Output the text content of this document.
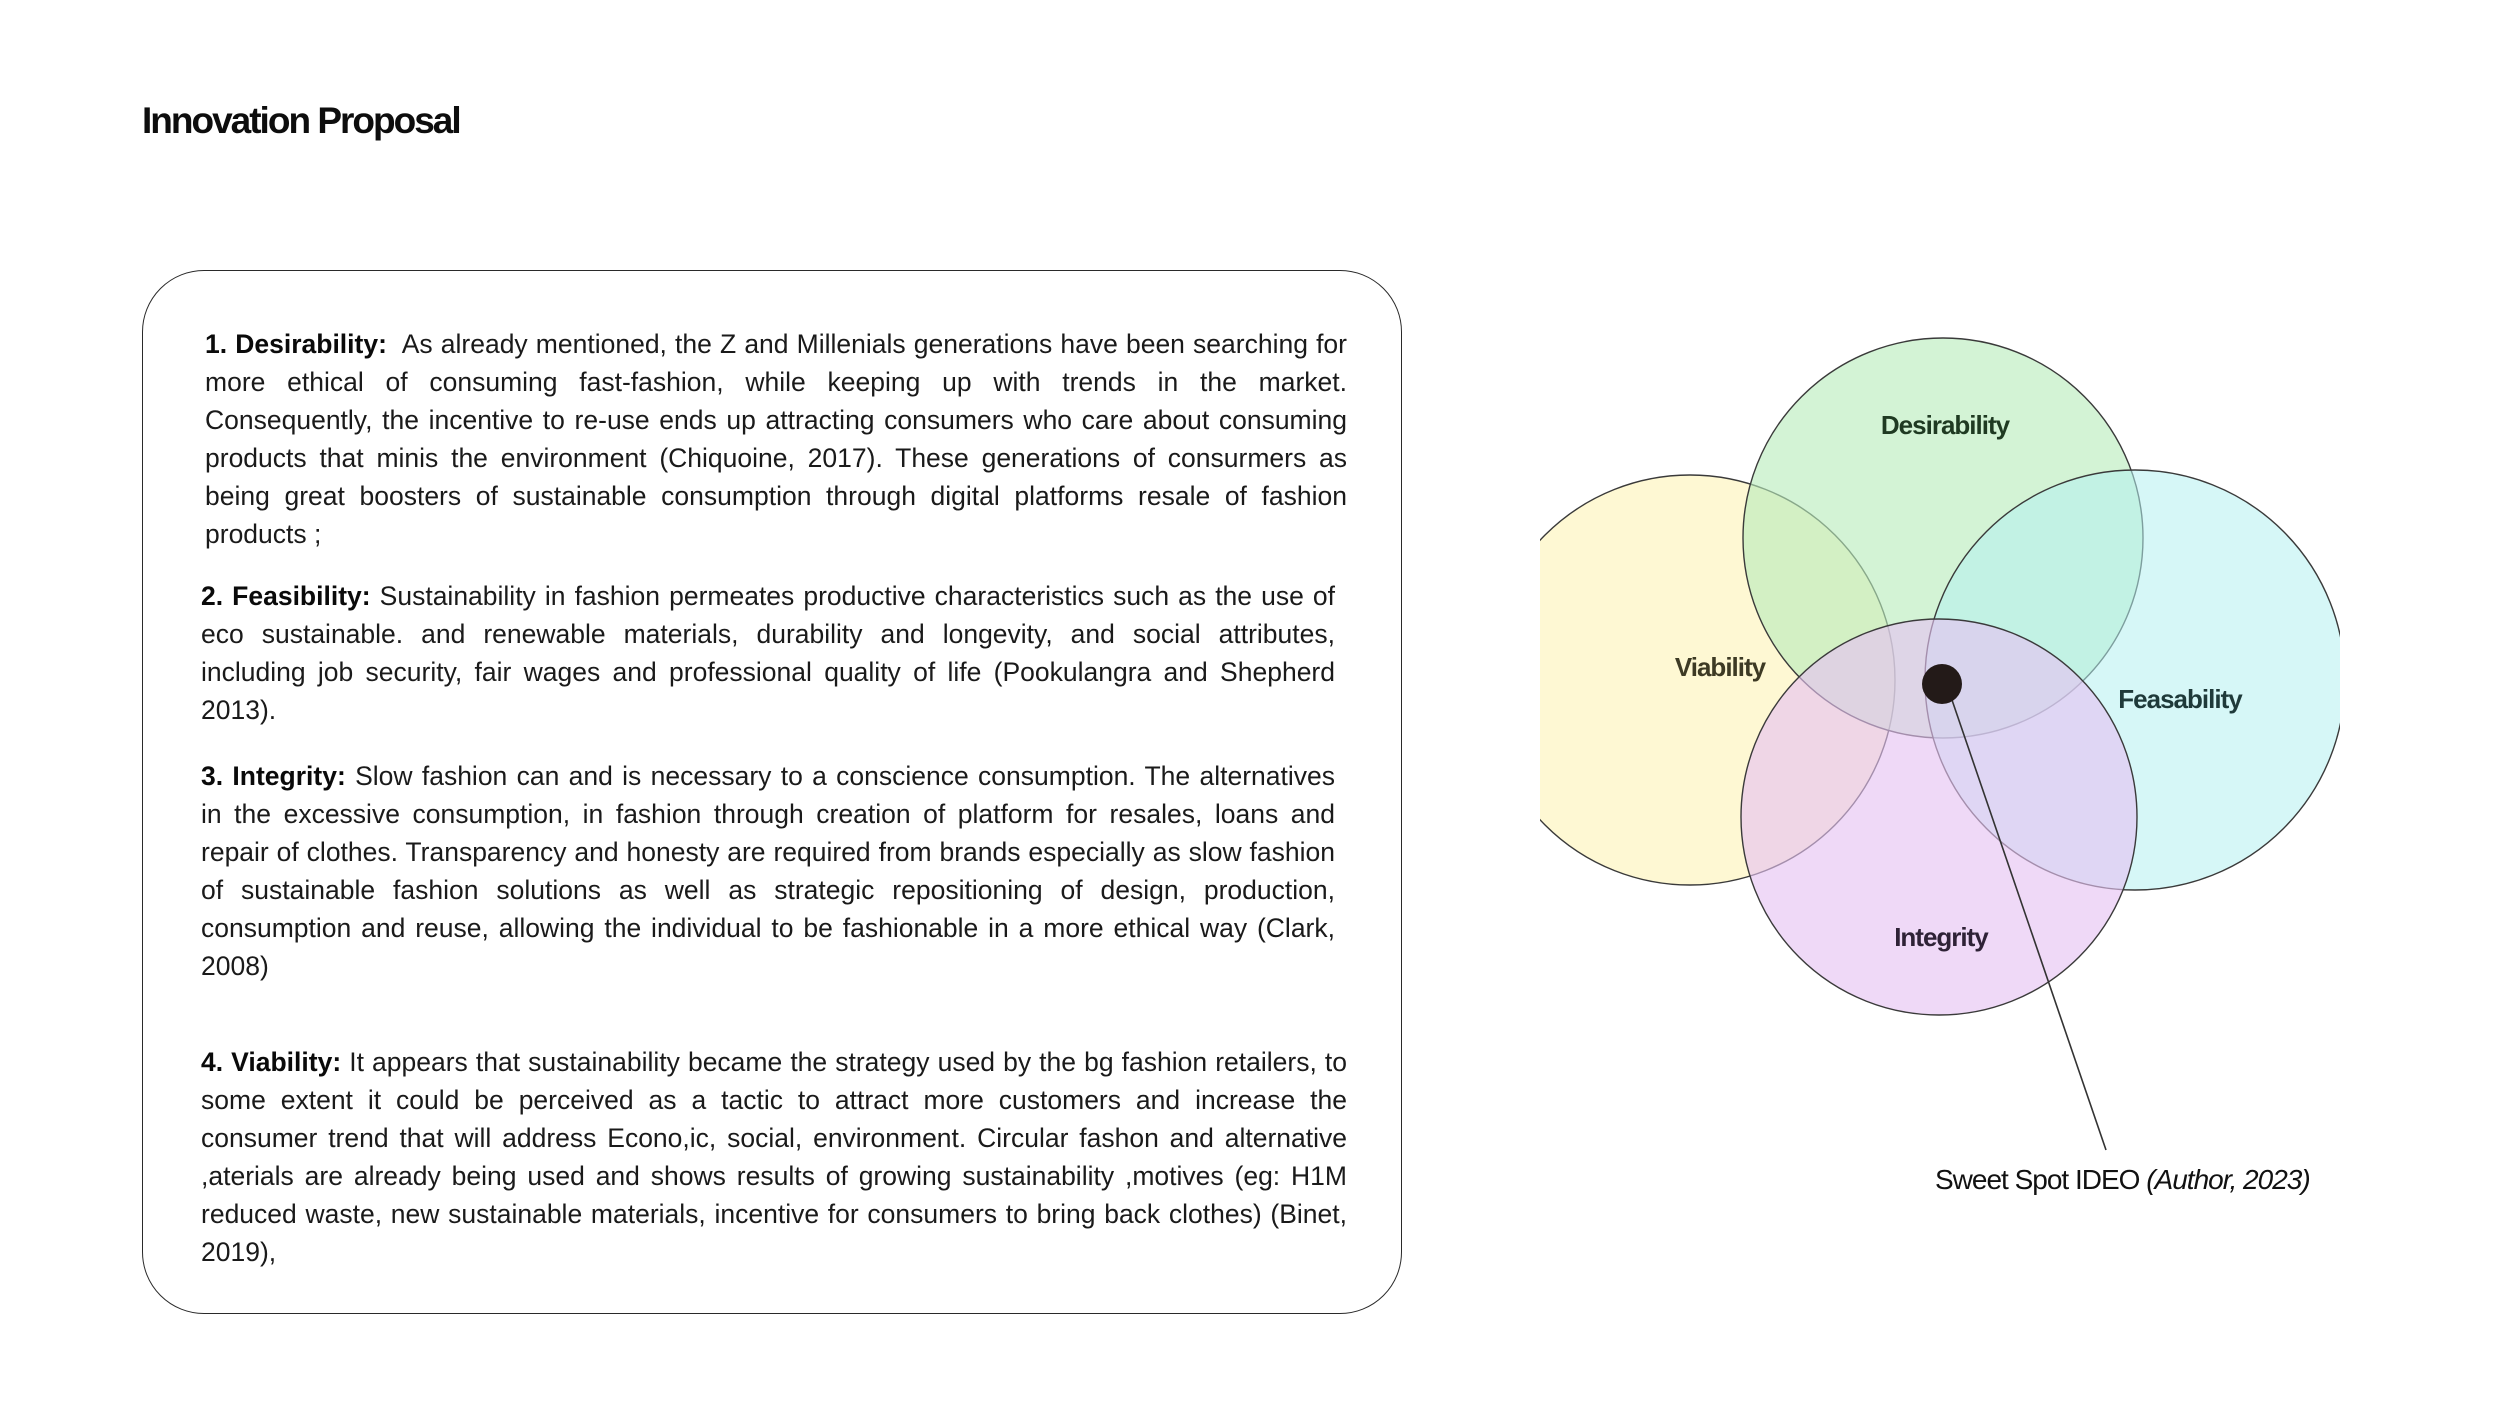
Innovation Proposal

1. Desirability: As already mentioned, the Z and Millenials generations have been searching for more ethical of consuming fast-fashion, while keeping up with trends in the market. Consequently, the incentive to re-use ends up attracting consumers who care about consuming products that minis the environment (Chiquoine, 2017). These generations of consurmers as being great boosters of sustainable consumption through digital platforms resale of fashion products ;

2. Feasibility: Sustainability in fashion permeates productive characteristics such as the use of eco sustainable. and renewable materials, durability and longevity, and social attributes, including job security, fair wages and professional quality of life (Pookulangra and Shepherd 2013).

3. Integrity: Slow fashion can and is necessary to a conscience consumption. The alternatives in the excessive consumption, in fashion through creation of platform for resales, loans and repair of clothes. Transparency and honesty are required from brands especially as slow fashion of sustainable fashion solutions as well as strategic repositioning of design, production, consumption and reuse, allowing the individual to be fashionable in a more ethical way (Clark, 2008)

4. Viability: It appears that sustainability became the strategy used by the bg fashion retailers, to some extent it could be perceived as a tactic to attract more customers and increase the consumer trend that will address Econo,ic, social, environment. Circular fashon and alternative ,aterials are already being used and shows results of growing sustainability ,motives (eg: H1M reduced waste, new sustainable materials, incentive for consumers to bring back clothes) (Binet, 2019),

Desirability
Viability
Feasability
Integrity

Sweet Spot IDEO (Author, 2023)
